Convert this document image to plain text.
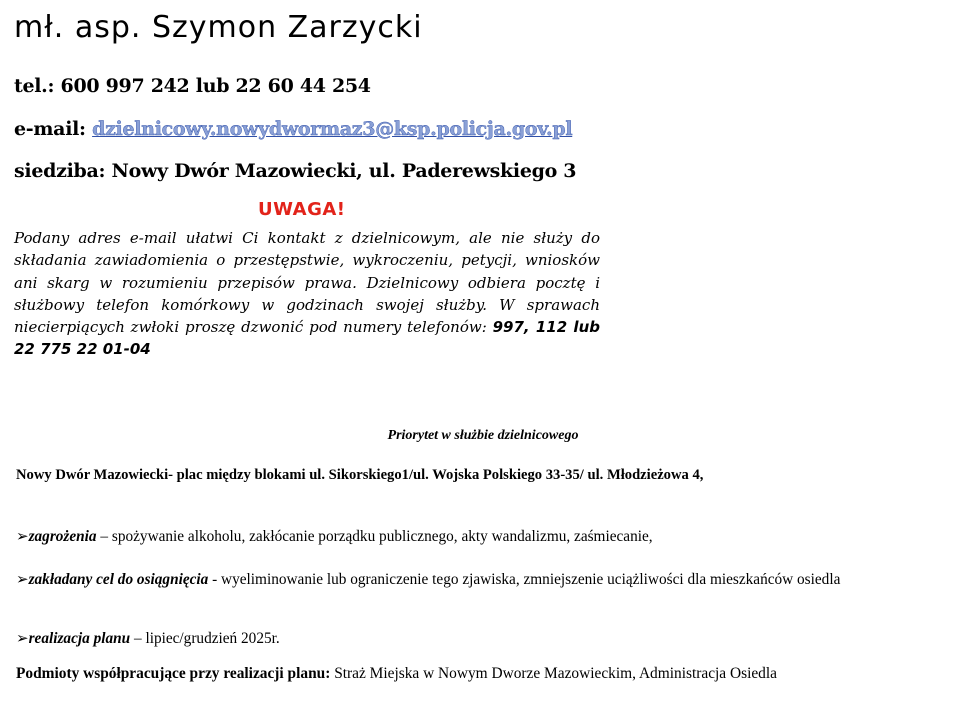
mł. asp. Szymon Zarzycki
tel.: 600 997 242 lub 22 60 44 254
e-mail: dzielnicowy.nowydwormaz3@ksp.policja.gov.pl
siedziba: Nowy Dwór Mazowiecki, ul. Paderewskiego 3
UWAGA!

Podany adres e-mail ułatwi Ci kontakt z dzielnicowym, ale nie służy do składania zawiadomienia o przestępstwie, wykroczeniu, petycji, wniosków ani skarg w rozumieniu przepisów prawa. Dzielnicowy odbiera pocztę i służbowy telefon komórkowy w godzinach swojej służby. W sprawach niecierpiących zwłoki proszę dzwonić pod numery telefonów: 997, 112 lub 22 775 22 01-04

Priorytet w służbie dzielnicowego

Nowy Dwór Mazowiecki- plac między blokami ul. Sikorskiego1/ul. Wojska Polskiego 33-35/ ul. Młodzieżowa 4,

➢zagrożenia – spożywanie alkoholu, zakłócanie porządku publicznego, akty wandalizmu, zaśmiecanie,

➢zakładany cel do osiągnięcia - wyeliminowanie lub ograniczenie tego zjawiska, zmniejszenie uciążliwości dla mieszkańców osiedla

➢realizacja planu – lipiec/grudzień 2025r.

Podmioty współpracujące przy realizacji planu: Straż Miejska w Nowym Dworze Mazowieckim, Administracja Osiedla
